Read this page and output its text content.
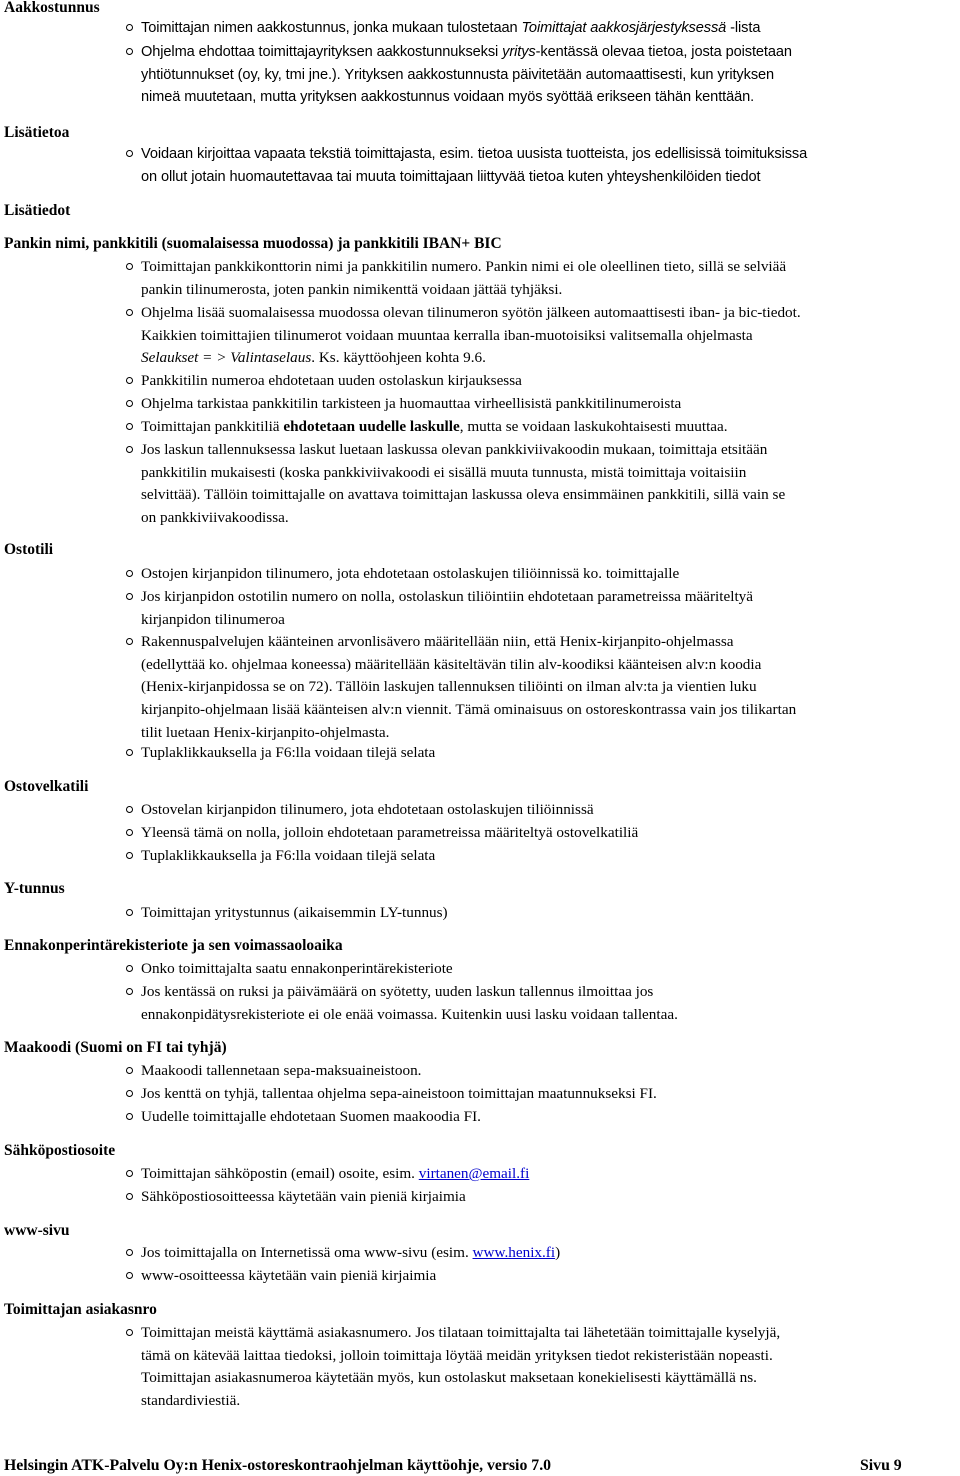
Aakkostunnus
Toimittajan nimen aakkostunnus, jonka mukaan tulostetaan Toimittajat aakkosjärjestyksessä -lista
Ohjelma ehdottaa toimittajayrityksen aakkostunnukseksi yritys-kentässä olevaa tietoa, josta poistetaan
yhtiötunnukset (oy, ky, tmi jne.). Yrityksen aakkostunnusta päivitetään automaattisesti, kun yrityksen
nimeä muutetaan, mutta yrityksen aakkostunnus voidaan myös syöttää erikseen tähän kenttään.
Lisätietoa
Voidaan kirjoittaa vapaata tekstiä toimittajasta, esim. tietoa uusista tuotteista, jos edellisissä toimituksissa
on ollut jotain huomautettavaa tai muuta toimittajaan liittyvää tietoa kuten yhteyshenkilöiden tiedot
Lisätiedot
Pankin nimi, pankkitili (suomalaisessa muodossa) ja pankkitili IBAN+ BIC
Toimittajan pankkikonttorin nimi ja pankkitilin numero. Pankin nimi ei ole oleellinen tieto, sillä se selviää
pankin tilinumerosta, joten pankin nimikenttä voidaan jättää tyhjäksi.
Ohjelma lisää suomalaisessa muodossa olevan tilinumeron syötön jälkeen automaattisesti iban- ja bic-tiedot.
Kaikkien toimittajien tilinumerot voidaan muuntaa kerralla iban-muotoisiksi valitsemalla ohjelmasta
Selaukset = > Valintaselaus. Ks. käyttöohjeen kohta 9.6.
Pankkitilin numeroa ehdotetaan uuden ostolaskun kirjauksessa
Ohjelma tarkistaa pankkitilin tarkisteen ja huomauttaa virheellisistä pankkitilinumeroista
Toimittajan pankkitiliä ehdotetaan uudelle laskulle, mutta se voidaan laskukohtaisesti muuttaa.
Jos laskun tallennuksessa laskut luetaan laskussa olevan pankkiviivakoodin mukaan, toimittaja etsitään
pankkitilin mukaisesti (koska pankkiviivakoodi ei sisällä muuta tunnusta, mistä toimittaja voitaisiin
selvittää). Tällöin toimittajalle on avattava toimittajan laskussa oleva ensimmäinen pankkitili, sillä vain se
on pankkiviivakoodissa.
Ostotili
Ostojen kirjanpidon tilinumero, jota ehdotetaan ostolaskujen tiliöinnissä ko. toimittajalle
Jos kirjanpidon ostotilin numero on nolla, ostolaskun tiliöintiin ehdotetaan parametreissa määriteltyä
kirjanpidon tilinumeroa
Rakennuspalvelujen käänteinen arvonlisävero määritellään niin, että Henix-kirjanpito-ohjelmassa
(edellyttää ko. ohjelmaa koneessa) määritellään käsiteltävän tilin alv-koodiksi käänteisen alv:n koodia
(Henix-kirjanpidossa se on 72). Tällöin laskujen tallennuksen tiliöinti on ilman alv:ta ja vientien luku
kirjanpito-ohjelmaan lisää käänteisen alv:n viennit. Tämä ominaisuus on ostoreskontrassa vain jos tilikartan
tilit luetaan Henix-kirjanpito-ohjelmasta.
Tuplaklikkauksella ja F6:lla voidaan tilejä selata
Ostovelkatili
Ostovelan kirjanpidon tilinumero, jota ehdotetaan ostolaskujen tiliöinnissä
Yleensä tämä on nolla, jolloin ehdotetaan parametreissa määriteltyä ostovelkatiliä
Tuplaklikkauksella ja F6:lla voidaan tilejä selata
Y-tunnus
Toimittajan yritystunnus (aikaisemmin LY-tunnus)
Ennakonperintärekisteriote ja sen voimassaoloaika
Onko toimittajalta saatu ennakonperintärekisteriote
Jos kentässä on ruksi ja päivämäärä on syötetty, uuden laskun tallennus ilmoittaa jos
ennakonpidätysrekisteriote ei ole enää voimassa. Kuitenkin uusi lasku voidaan tallentaa.
Maakoodi (Suomi on FI tai tyhjä)
Maakoodi tallennetaan sepa-maksuaineistoon.
Jos kenttä on tyhjä, tallentaa ohjelma sepa-aineistoon toimittajan maatunnukseksi FI.
Uudelle toimittajalle ehdotetaan Suomen maakoodia FI.
Sähköpostiosoite
Toimittajan sähköpostin (email) osoite, esim. virtanen@email.fi
Sähköpostiosoitteessa käytetään vain pieniä kirjaimia
www-sivu
Jos toimittajalla on Internetissä oma www-sivu (esim. www.henix.fi)
www-osoitteessa käytetään vain pieniä kirjaimia
Toimittajan asiakasnro
Toimittajan meistä käyttämä asiakasnumero. Jos tilataan toimittajalta tai lähetetään toimittajalle kyselyjä,
tämä on kätevää laittaa tiedoksi, jolloin toimittaja löytää meidän yrityksen tiedot rekisteristään nopeasti.
Toimittajan asiakasnumeroa käytetään myös, kun ostolaskut maksetaan konekielisesti käyttämällä ns.
standardiviestiä.
Helsingin ATK-Palvelu Oy:n Henix-ostoreskontraohjelman käyttöohje, versio 7.0	Sivu 9
